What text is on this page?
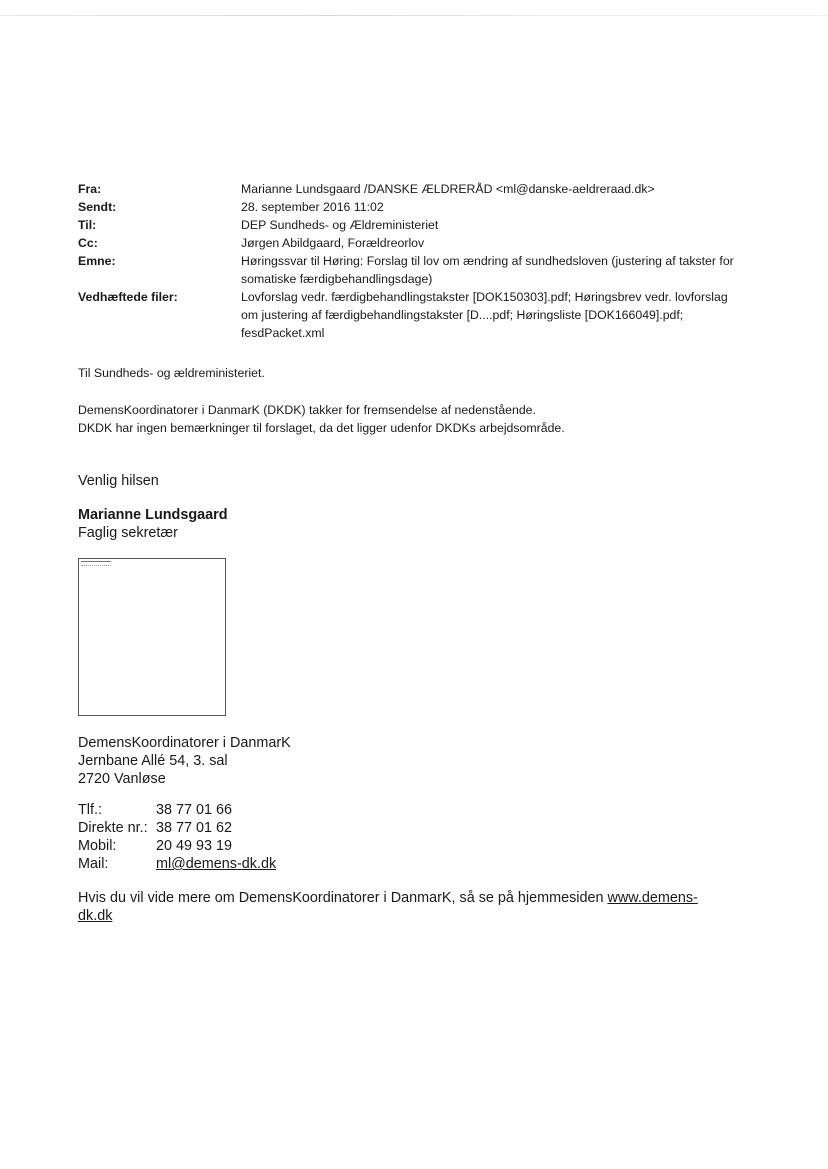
Fra:	Marianne Lundsgaard /DANSKE ÆLDRERÅD <ml@danske-aeldreraad.dk>
Sendt:	28. september 2016 11:02
Til:	DEP Sundheds- og Ældreministeriet
Cc:	Jørgen Abildgaard, Forældreorlov
Emne:	Høringssvar til Høring: Forslag til lov om ændring af sundhedsloven (justering af takster for somatiske færdigbehandlingsdage)
Vedhæftede filer:	Lovforslag vedr. færdigbehandlingstakster [DOK150303].pdf; Høringsbrev vedr. lovforslag om justering af færdigbehandlingstakster [D....pdf; Høringsliste [DOK166049].pdf; fesdPacket.xml
Til Sundheds- og ældreministeriet.
DemensKoordinatorer i DanmarK (DKDK) takker for fremsendelse af nedenstående.
DKDK har ingen bemærkninger til forslaget, da det ligger udenfor DKDKs arbejdsområde.
Venlig hilsen
Marianne Lundsgaard
Faglig sekretær
DemensKoordinatorer i DanmarK
Jernbane Allé 54, 3. sal
2720 Vanløse
Tlf.:	38 77 01 66
Direkte nr.: 38 77 01 62
Mobil:	20 49 93 19
Mail:	ml@demens-dk.dk
Hvis du vil vide mere om DemensKoordinatorer i DanmarK, så se på hjemmesiden www.demens-dk.dk
